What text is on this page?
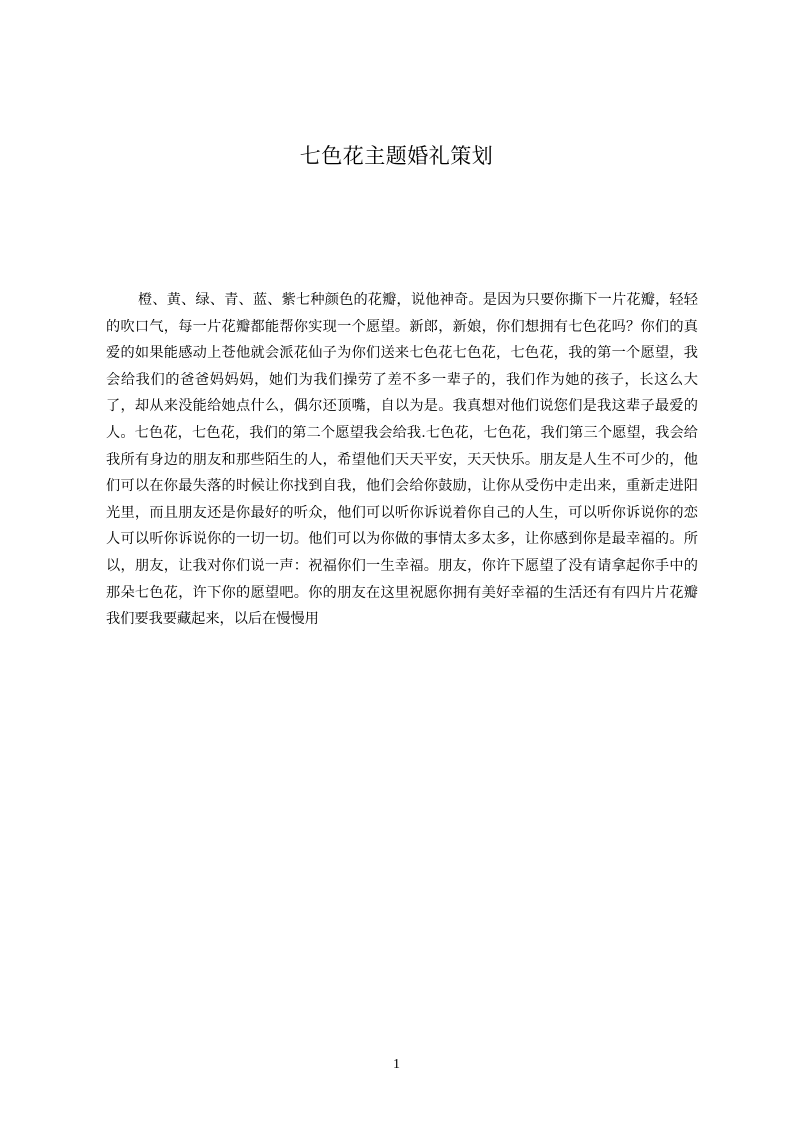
七色花主题婚礼策划

橙、黄、绿、青、蓝、紫七种颜色的花瓣，说他神奇。是因为只要你撕下一片花瓣，轻轻的吹口气，每一片花瓣都能帮你实现一个愿望。新郎，新娘，你们想拥有七色花吗？你们的真爱的如果能感动上苍他就会派花仙子为你们送来七色花七色花，七色花，我的第一个愿望，我会给我们的爸爸妈妈妈，她们为我们操劳了差不多一辈子的，我们作为她的孩子，长这么大了，却从来没能给她点什么，偶尔还顶嘴，自以为是。我真想对他们说您们是我这辈子最爱的人。七色花，七色花，我们的第二个愿望我会给我.七色花，七色花，我们第三个愿望，我会给我所有身边的朋友和那些陌生的人，希望他们天天平安，天天快乐。朋友是人生不可少的，他们可以在你最失落的时候让你找到自我，他们会给你鼓励，让你从受伤中走出来，重新走进阳光里，而且朋友还是你最好的听众，他们可以听你诉说着你自己的人生，可以听你诉说你的恋人可以听你诉说你的一切一切。他们可以为你做的事情太多太多，让你感到你是最幸福的。所以，朋友，让我对你们说一声：祝福你们一生幸福。朋友，你许下愿望了没有请拿起你手中的那朵七色花，许下你的愿望吧。你的朋友在这里祝愿你拥有美好幸福的生活还有有四片片花瓣我们要我要藏起来，以后在慢慢用

1
